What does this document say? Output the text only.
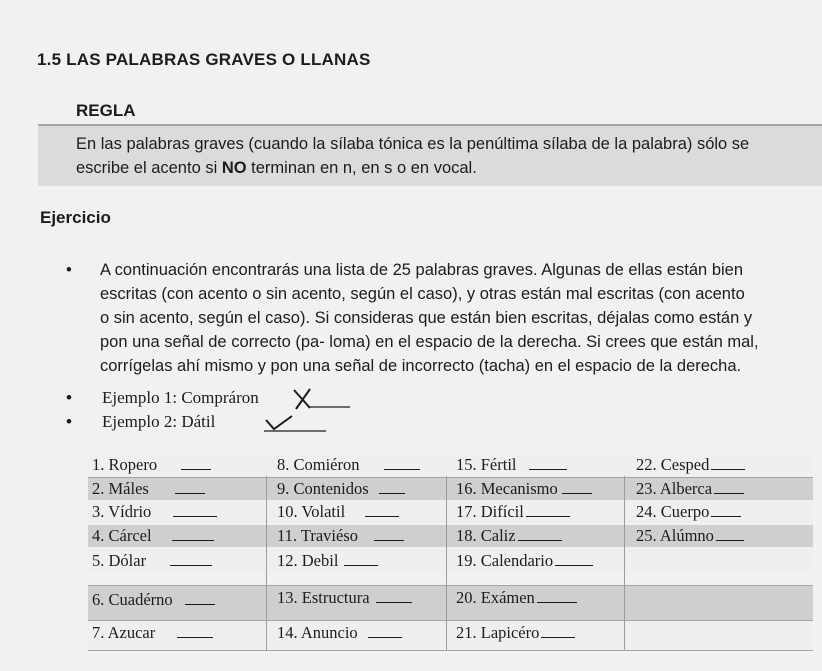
1.5 LAS PALABRAS GRAVES O LLANAS
REGLA
En las palabras graves (cuando la sílaba tónica es la penúltima sílaba de la palabra) sólo se
escribe el acento si NO terminan en n, en s o en vocal.
Ejercicio
• A continuación encontrarás una lista de 25 palabras graves. Algunas de ellas están bien
escritas (con acento o sin acento, según el caso), y otras están mal escritas (con acento
o sin acento, según el caso). Si consideras que están bien escritas, déjalas como están y
pon una señal de correcto (pa- loma) en el espacio de la derecha. Si crees que están mal,
corrígelas ahí mismo y pon una señal de incorrecto (tacha) en el espacio de la derecha.
• Ejemplo 1: Compráron
• Ejemplo 2: Dátil
1. Ropero
2. Máles
3. Vídrio
4. Cárcel
5. Dólar
6. Cuadérno
7. Azucar
8. Comiéron
9. Contenidos
10. Volatil
11. Traviéso
12. Debil
13. Estructura
14. Anuncio
15. Fértil
16. Mecanismo
17. Difícil
18. Caliz
19. Calendario
20. Exámen
21. Lapicéro
22. Cesped
23. Alberca
24. Cuerpo
25. Alúmno
